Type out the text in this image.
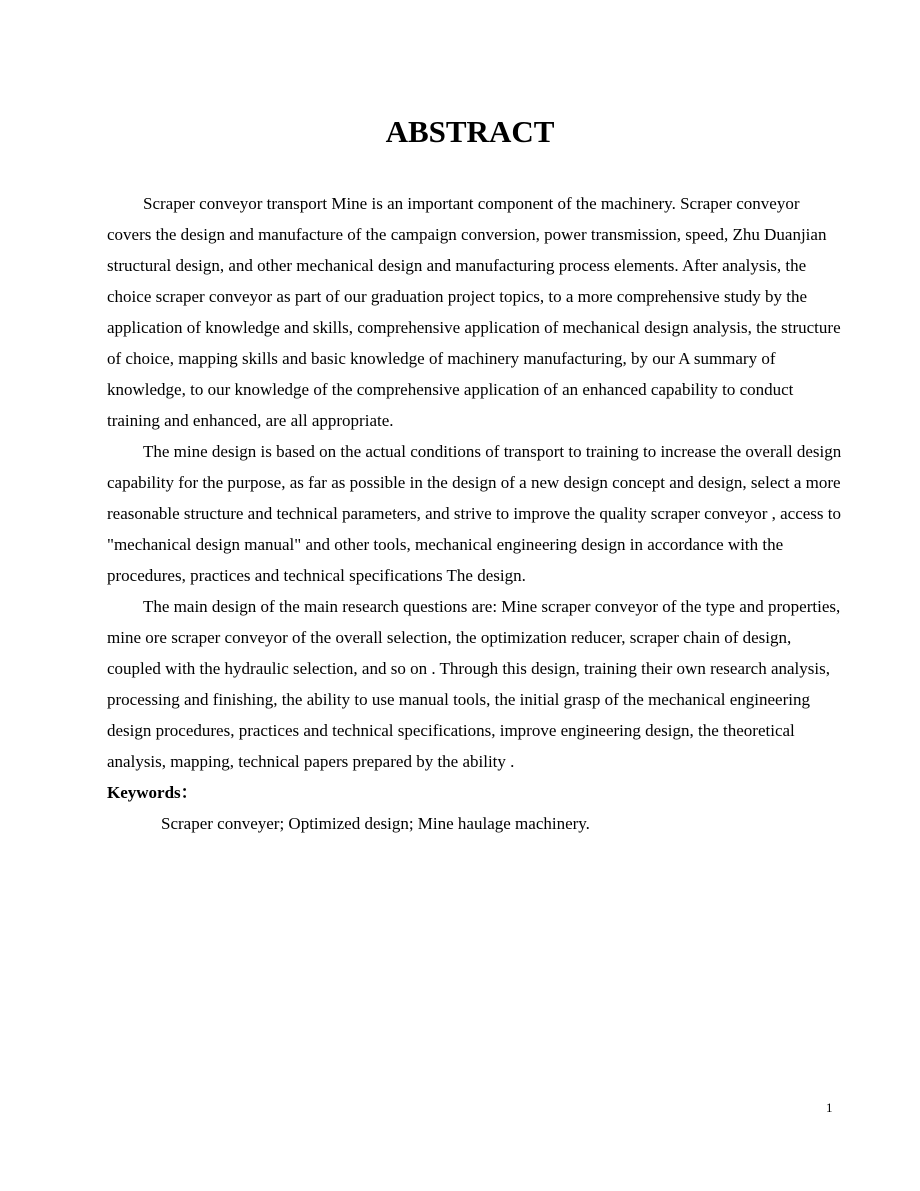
ABSTRACT

Scraper conveyor transport Mine is an important component of the machinery. Scraper conveyor covers the design and manufacture of the campaign conversion, power transmission, speed, Zhu Duanjian structural design, and other mechanical design and manufacturing process elements. After analysis, the choice scraper conveyor as part of our graduation project topics, to a more comprehensive study by the application of knowledge and skills, comprehensive application of mechanical design analysis, the structure of choice, mapping skills and basic knowledge of machinery manufacturing, by our A summary of knowledge, to our knowledge of the comprehensive application of an enhanced capability to conduct training and enhanced, are all appropriate.

The mine design is based on the actual conditions of transport to training to increase the overall design capability for the purpose, as far as possible in the design of a new design concept and design, select a more reasonable structure and technical parameters, and strive to improve the quality scraper conveyor , access to "mechanical design manual" and other tools, mechanical engineering design in accordance with the procedures, practices and technical specifications The design.

The main design of the main research questions are: Mine scraper conveyor of the type and properties, mine ore scraper conveyor of the overall selection, the optimization reducer, scraper chain of design, coupled with the hydraulic selection, and so on . Through this design, training their own research analysis, processing and finishing, the ability to use manual tools, the initial grasp of the mechanical engineering design procedures, practices and technical specifications, improve engineering design, the theoretical analysis, mapping, technical papers prepared by the ability .

Keywords：

Scraper conveyer; Optimized design; Mine haulage machinery.

1
